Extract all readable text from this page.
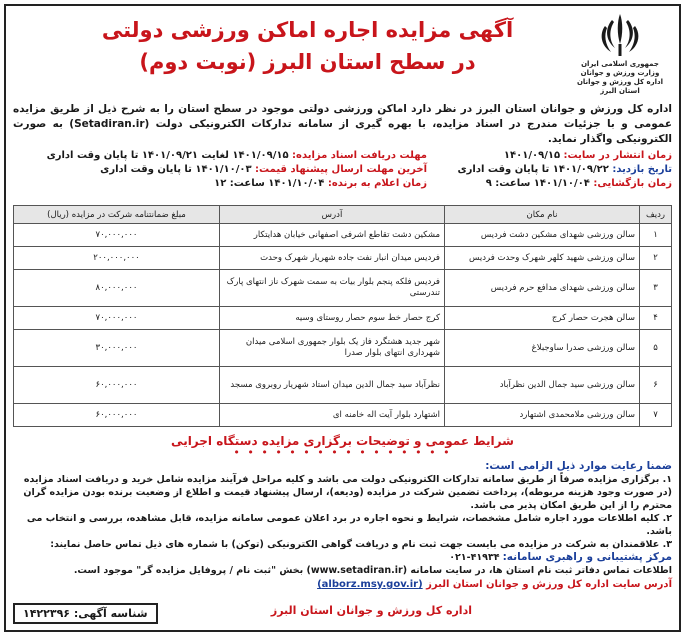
جمهوری اسلامی ایران
وزارت ورزش و جوانان
اداره کل ورزش و جوانان استان البرز
آگهی مزایده اجاره اماکن ورزشی دولتی
در سطح استان البرز (نوبت دوم)
اداره کل ورزش و جوانان استان البرز در نظر دارد اماکن ورزشی دولتی موجود در سطح استان را به شرح ذیل از طریق مزایده عمومی و با جزئیات مندرج در اسناد مزایده، با بهره گیری از سامانه تدارکات الکترونیکی دولت (Setadiran.ir) به صورت الکترونیکی واگذار نماید.
زمان انتشار در سایت: ۱۴۰۱/۰۹/۱۵
مهلت دریافت اسناد مزایده: ۱۴۰۱/۰۹/۱۵ لغایت ۱۴۰۱/۰۹/۲۱ تا پایان وقت اداری
تاریخ بازدید: ۱۴۰۱/۰۹/۲۲ تا پایان وقت اداری
آخرین مهلت ارسال پیشنهاد قیمت: ۱۴۰۱/۱۰/۰۳ تا پایان وقت اداری
زمان بازگشایی: ۱۴۰۱/۱۰/۰۴ ساعت: ۹
زمان اعلام به برنده: ۱۴۰۱/۱۰/۰۴ ساعت: ۱۲
ردیف	نام مکان	آدرس	مبلغ ضمانتنامه شرکت در مزایده (ریال)
۱	سالن ورزشی شهدای مشکین دشت فردیس	مشکین دشت تقاطع اشرفی اصفهانی خیابان هدایتکار	۷۰,۰۰۰,۰۰۰
۲	سالن ورزشی شهید کلهر شهرک وحدت فردیس	فردیس میدان انبار نفت جاده شهریار شهرک وحدت	۲۰۰,۰۰۰,۰۰۰
۳	سالن ورزشی شهدای مدافع حرم فردیس	فردیس فلکه پنجم بلوار بیات به سمت شهرک ناز انتهای پارک تندرستی	۸۰,۰۰۰,۰۰۰
۴	سالن هجرت حصار کرج	کرج حصار خط سوم حصار روستای وسیه	۷۰,۰۰۰,۰۰۰
۵	سالن ورزشی صدرا ساوجبلاغ	شهر جدید هشتگرد فاز یک بلوار جمهوری اسلامی میدان شهرداری انتهای بلوار صدرا	۳۰,۰۰۰,۰۰۰
۶	سالن ورزشی سید جمال الدین نظرآباد	نظرآباد سید جمال الدین میدان استاد شهریار روبروی مسجد	۶۰,۰۰۰,۰۰۰
۷	سالن ورزشی ملامحمدی اشتهارد	اشتهارد بلوار آیت اله خامنه ای	۶۰,۰۰۰,۰۰۰
شرایط عمومی و توضیحات برگزاری مزایده دستگاه اجرایی
• • • • • • • • • • • • • • • •
ضمنا رعایت موارد ذیل الزامی است:

۱. برگزاری مزایده صرفاً از طریق سامانه تدارکات الکترونیکی دولت می باشد و کلیه مراحل فرآیند مزایده شامل خرید و دریافت اسناد مزایده (در صورت وجود هزینه مربوطه)، پرداخت تضمین شرکت در مزایده (ودیعه)، ارسال پیشنهاد قیمت و اطلاع از وضعیت برنده بودن مزایده گران محترم را از این طریق امکان پذیر می باشد.

۲. کلیه اطلاعات مورد اجاره شامل مشخصات، شرایط و نحوه اجاره در برد اعلان عمومی سامانه مزایده، قابل مشاهده، بررسی و انتخاب می باشد.

۳. علاقمندان به شرکت در مزایده می بایست جهت ثبت نام و دریافت گواهی الکترونیکی (توکن) با شماره های ذیل تماس حاصل نمایند:

مرکز پشتیبانی و راهبری سامانه: ۴۱۹۳۴-۰۲۱

اطلاعات تماس دفاتر ثبت نام استان ها، در سایت سامانه (www.setadiran.ir) بخش "ثبت نام / پروفایل مزایده گر" موجود است.

آدرس سایت اداره کل ورزش و جوانان استان البرز (alborz.msy.gov.ir)
اداره کل ورزش و جوانان استان البرز
شناسه آگهی: ۱۴۲۲۳۹۶
